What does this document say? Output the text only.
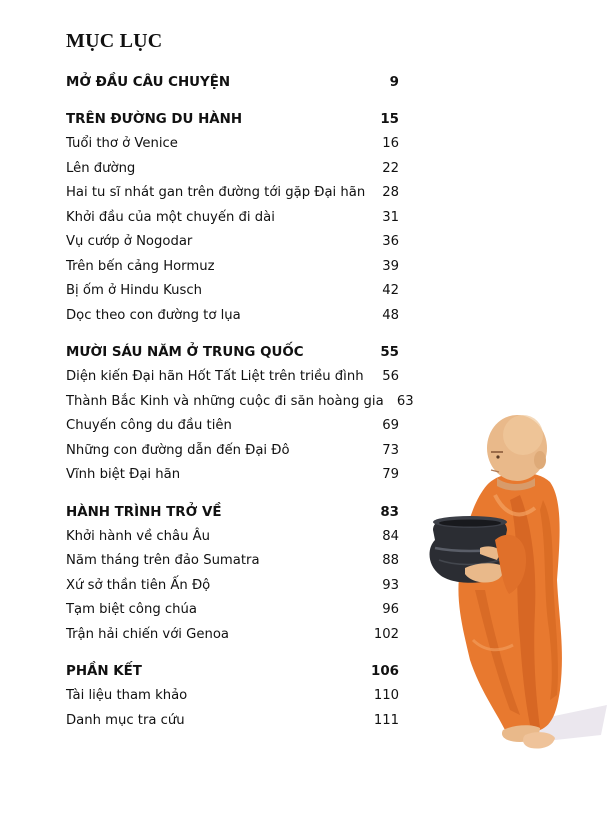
MỤC LỤC
MỞ ĐẦU CÂU CHUYỆN	9
TRÊN ĐƯỜNG DU HÀNH	15
Tuổi thơ ở Venice	16
Lên đường	22
Hai tu sĩ nhát gan trên đường tới gặp Đại hãn	28
Khởi đầu của một chuyến đi dài	31
Vụ cướp ở Nogodar	36
Trên bến cảng Hormuz	39
Bị ốm ở Hindu Kusch	42
Dọc theo con đường tơ lụa	48
MƯỜI SÁU NĂM Ở TRUNG QUỐC	55
Diện kiến Đại hãn Hốt Tất Liệt trên triều đình	56
Thành Bắc Kinh và những cuộc đi săn hoàng gia	63
Chuyến công du đầu tiên	69
Những con đường dẫn đến Đại Đô	73
Vĩnh biệt Đại hãn	79
HÀNH TRÌNH TRỞ VỀ	83
Khởi hành về châu Âu	84
Năm tháng trên đảo Sumatra	88
Xứ sở thần tiên Ấn Độ	93
Tạm biệt công chúa	96
Trận hải chiến với Genoa	102
PHẦN KẾT	106
Tài liệu tham khảo	110
Danh mục tra cứu	111
